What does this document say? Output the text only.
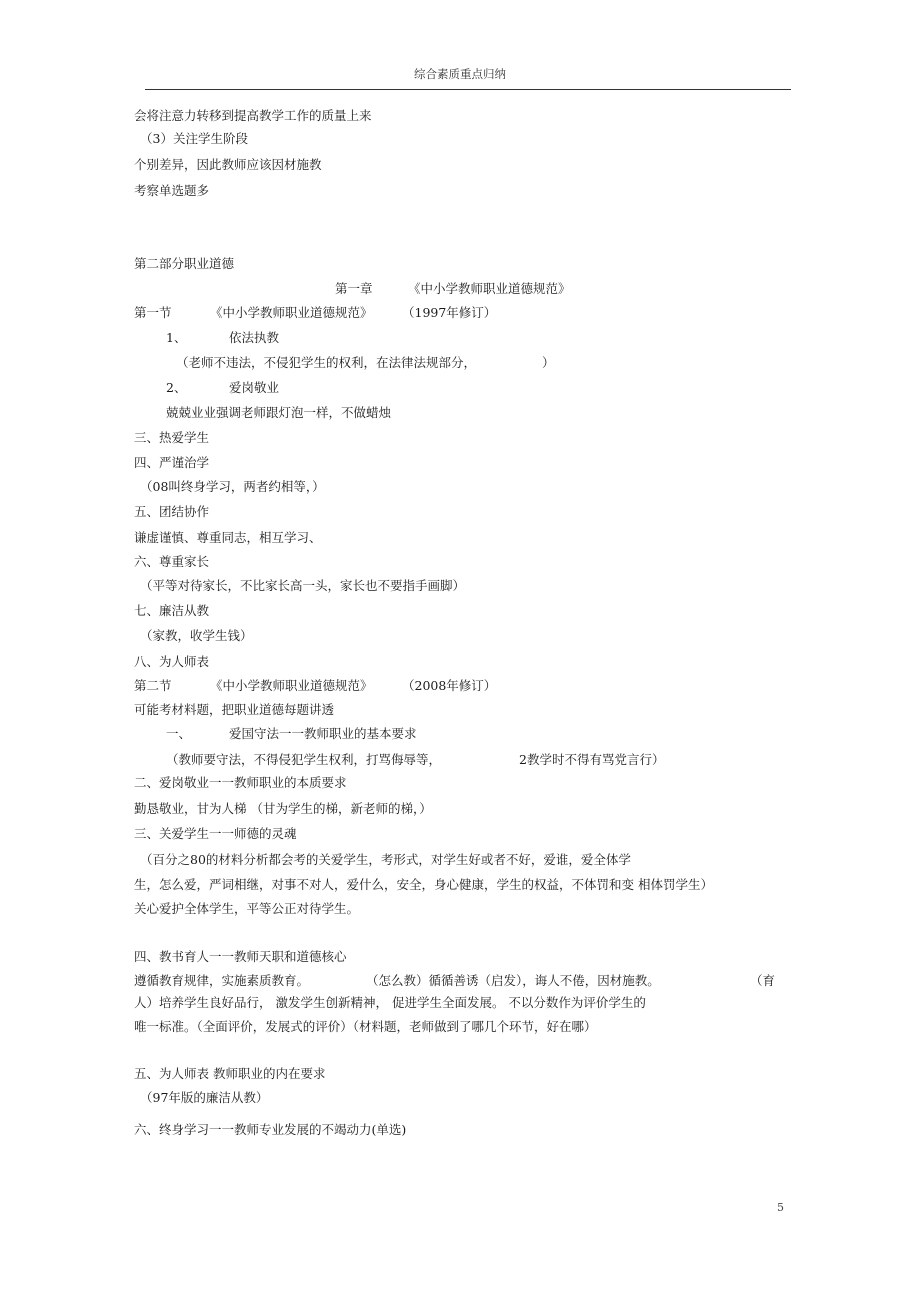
综合素质重点归纳
会将注意力转移到提高教学工作的质量上来
（3）关注学生阶段
个别差异，因此教师应该因材施教
考察单选题多
第二部分职业道德
第一章	《中小学教师职业道德规范》
第一节	《中小学教师职业道德规范》 （1997年修订）
1、	依法执教
（老师不违法，不侵犯学生的权利，在法律法规部分，	）
2、	爱岗敬业
兢兢业业强调老师跟灯泡一样，不做蜡烛
三、热爱学生
四、严谨治学
（08叫终身学习，两者约相等，）
五、团结协作
谦虚谨慎、尊重同志，相互学习、
六、尊重家长
（平等对待家长，不比家长高一头，家长也不要指手画脚）
七、廉洁从教
（家教，收学生钱）
八、为人师表
第二节	《中小学教师职业道德规范》 （2008年修订）
可能考材料题，把职业道德每题讲透
一、	爱国守法一一教师职业的基本要求
（教师要守法，不得侵犯学生权利，打骂侮辱等，	2教学时不得有骂党言行）
二、爱岗敬业一一教师职业的本质要求
勤恳敬业，甘为人梯 （甘为学生的梯，新老师的梯，）
三、关爱学生一一师德的灵魂
（百分之80的材料分析都会考的关爱学生，考形式，对学生好或者不好，爱谁，爱全体学
生，怎么爱，严词相继，对事不对人，爱什么，安全，身心健康，学生的权益，不体罚和变 相体罚学生）
关心爱护全体学生，平等公正对待学生。
四、教书育人一一教师天职和道德核心
遵循教育规律，实施素质教育。	（怎么教）循循善诱（启发），诲人不倦，因材施教。	（育
人）培养学生良好品行， 激发学生创新精神， 促进学生全面发展。 不以分数作为评价学生的
唯一标准。（全面评价，发展式的评价）（材料题，老师做到了哪几个环节，好在哪）
五、为人师表 教师职业的内在要求
（97年版的廉洁从教）
六、终身学习一一教师专业发展的不竭动力(单选)
5
